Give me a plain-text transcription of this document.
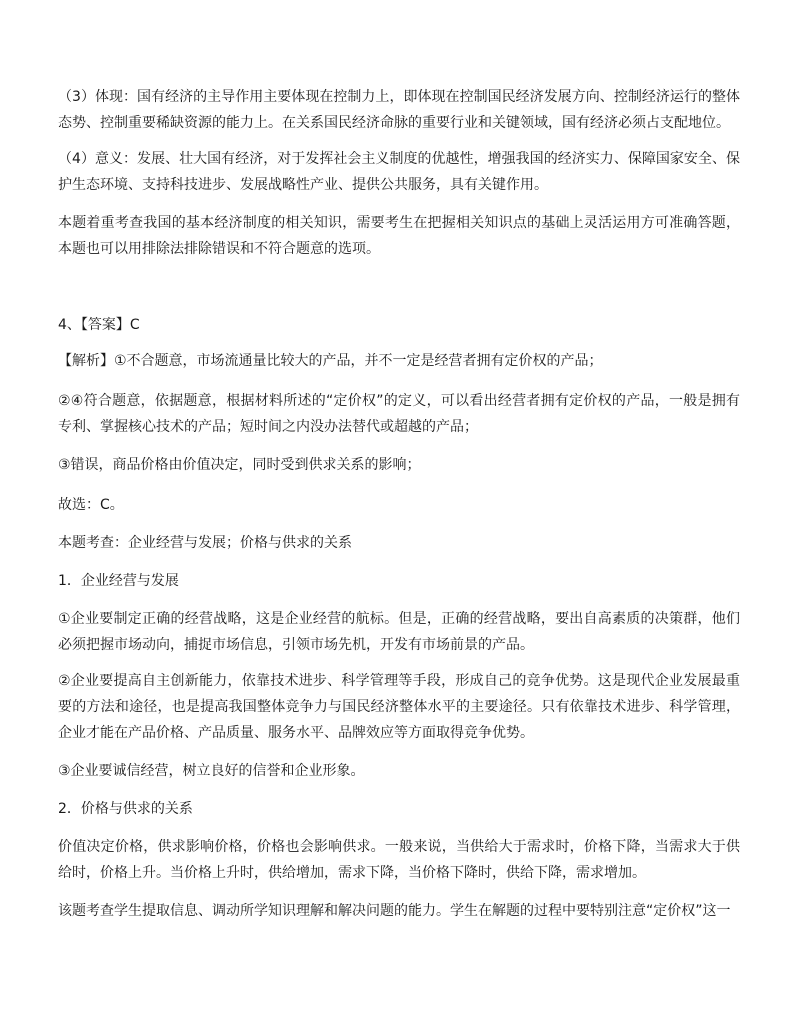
（3）体现：国有经济的主导作用主要体现在控制力上，即体现在控制国民经济发展方向、控制经济运行的整体态势、控制重要稀缺资源的能力上。在关系国民经济命脉的重要行业和关键领域，国有经济必须占支配地位。

（4）意义：发展、壮大国有经济，对于发挥社会主义制度的优越性，增强我国的经济实力、保障国家安全、保护生态环境、支持科技进步、发展战略性产业、提供公共服务，具有关键作用。

本题着重考查我国的基本经济制度的相关知识，需要考生在把握相关知识点的基础上灵活运用方可准确答题，本题也可以用排除法排除错误和不符合题意的选项。

4、【答案】C

【解析】①不合题意，市场流通量比较大的产品，并不一定是经营者拥有定价权的产品；

②④符合题意，依据题意，根据材料所述的“定价权”的定义，可以看出经营者拥有定价权的产品，一般是拥有专利、掌握核心技术的产品；短时间之内没办法替代或超越的产品；

③错误，商品价格由价值决定，同时受到供求关系的影响；

故选：C。

本题考查：企业经营与发展；价格与供求的关系

1．企业经营与发展

①企业要制定正确的经营战略，这是企业经营的航标。但是，正确的经营战略，要出自高素质的决策群，他们必须把握市场动向，捕捉市场信息，引领市场先机，开发有市场前景的产品。

②企业要提高自主创新能力，依靠技术进步、科学管理等手段，形成自己的竞争优势。这是现代企业发展最重要的方法和途径，也是提高我国整体竞争力与国民经济整体水平的主要途径。只有依靠技术进步、科学管理，企业才能在产品价格、产品质量、服务水平、品牌效应等方面取得竞争优势。

③企业要诚信经营，树立良好的信誉和企业形象。

2．价格与供求的关系

价值决定价格，供求影响价格，价格也会影响供求。一般来说，当供给大于需求时，价格下降，当需求大于供给时，价格上升。当价格上升时，供给增加，需求下降，当价格下降时，供给下降，需求增加。

该题考查学生提取信息、调动所学知识理解和解决问题的能力。学生在解题的过程中要特别注意“定价权”这一
